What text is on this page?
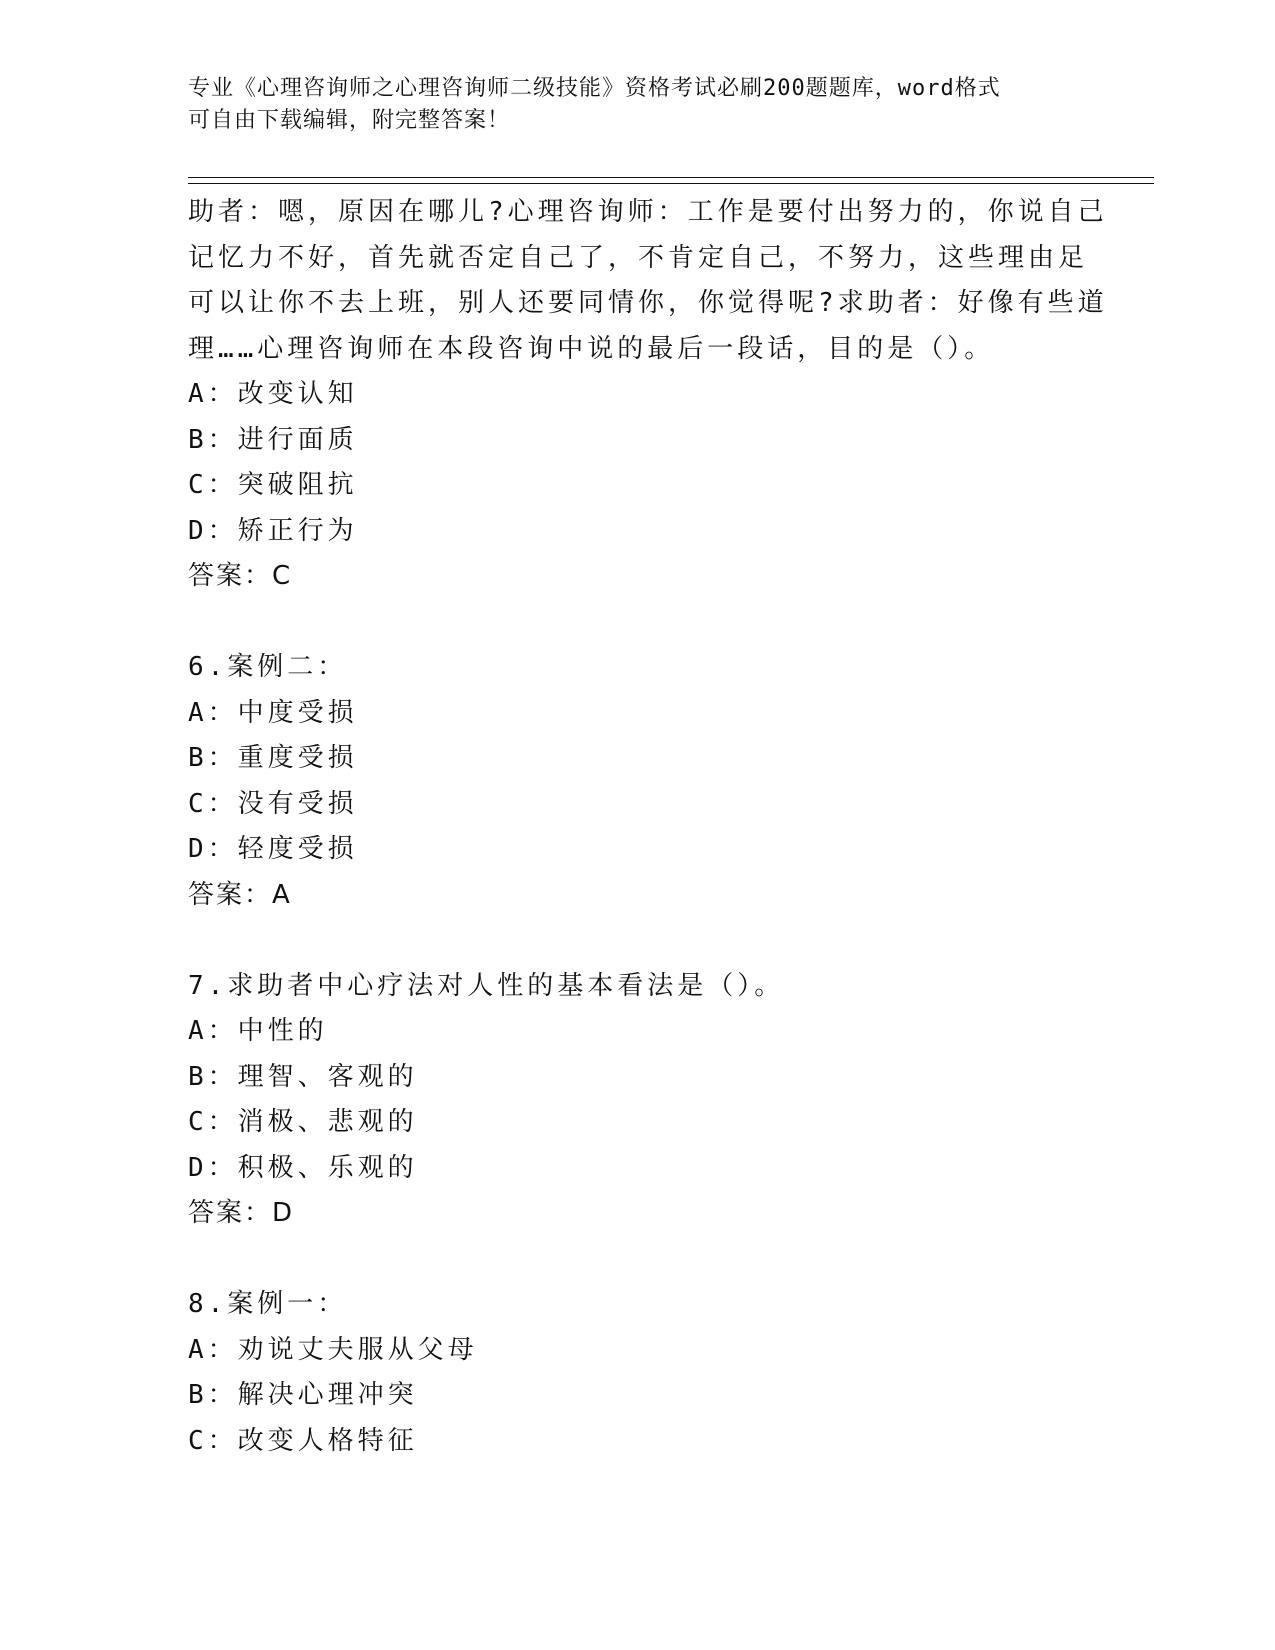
专业《心理咨询师之心理咨询师二级技能》资格考试必刷200题题库，word格式
可自由下载编辑，附完整答案！
助者：嗯，原因在哪儿?心理咨询师：工作是要付出努力的，你说自己
记忆力不好，首先就否定自己了，不肯定自己，不努力，这些理由足
可以让你不去上班，别人还要同情你，你觉得呢?求助者：好像有些道
理……心理咨询师在本段咨询中说的最后一段话，目的是（）。
A：改变认知
B：进行面质
C：突破阻抗
D：矫正行为
答案：C
6.案例二：
A：中度受损
B：重度受损
C：没有受损
D：轻度受损
答案：A
7.求助者中心疗法对人性的基本看法是（）。
A：中性的
B：理智、客观的
C：消极、悲观的
D：积极、乐观的
答案：D
8.案例一：
A：劝说丈夫服从父母
B：解决心理冲突
C：改变人格特征
